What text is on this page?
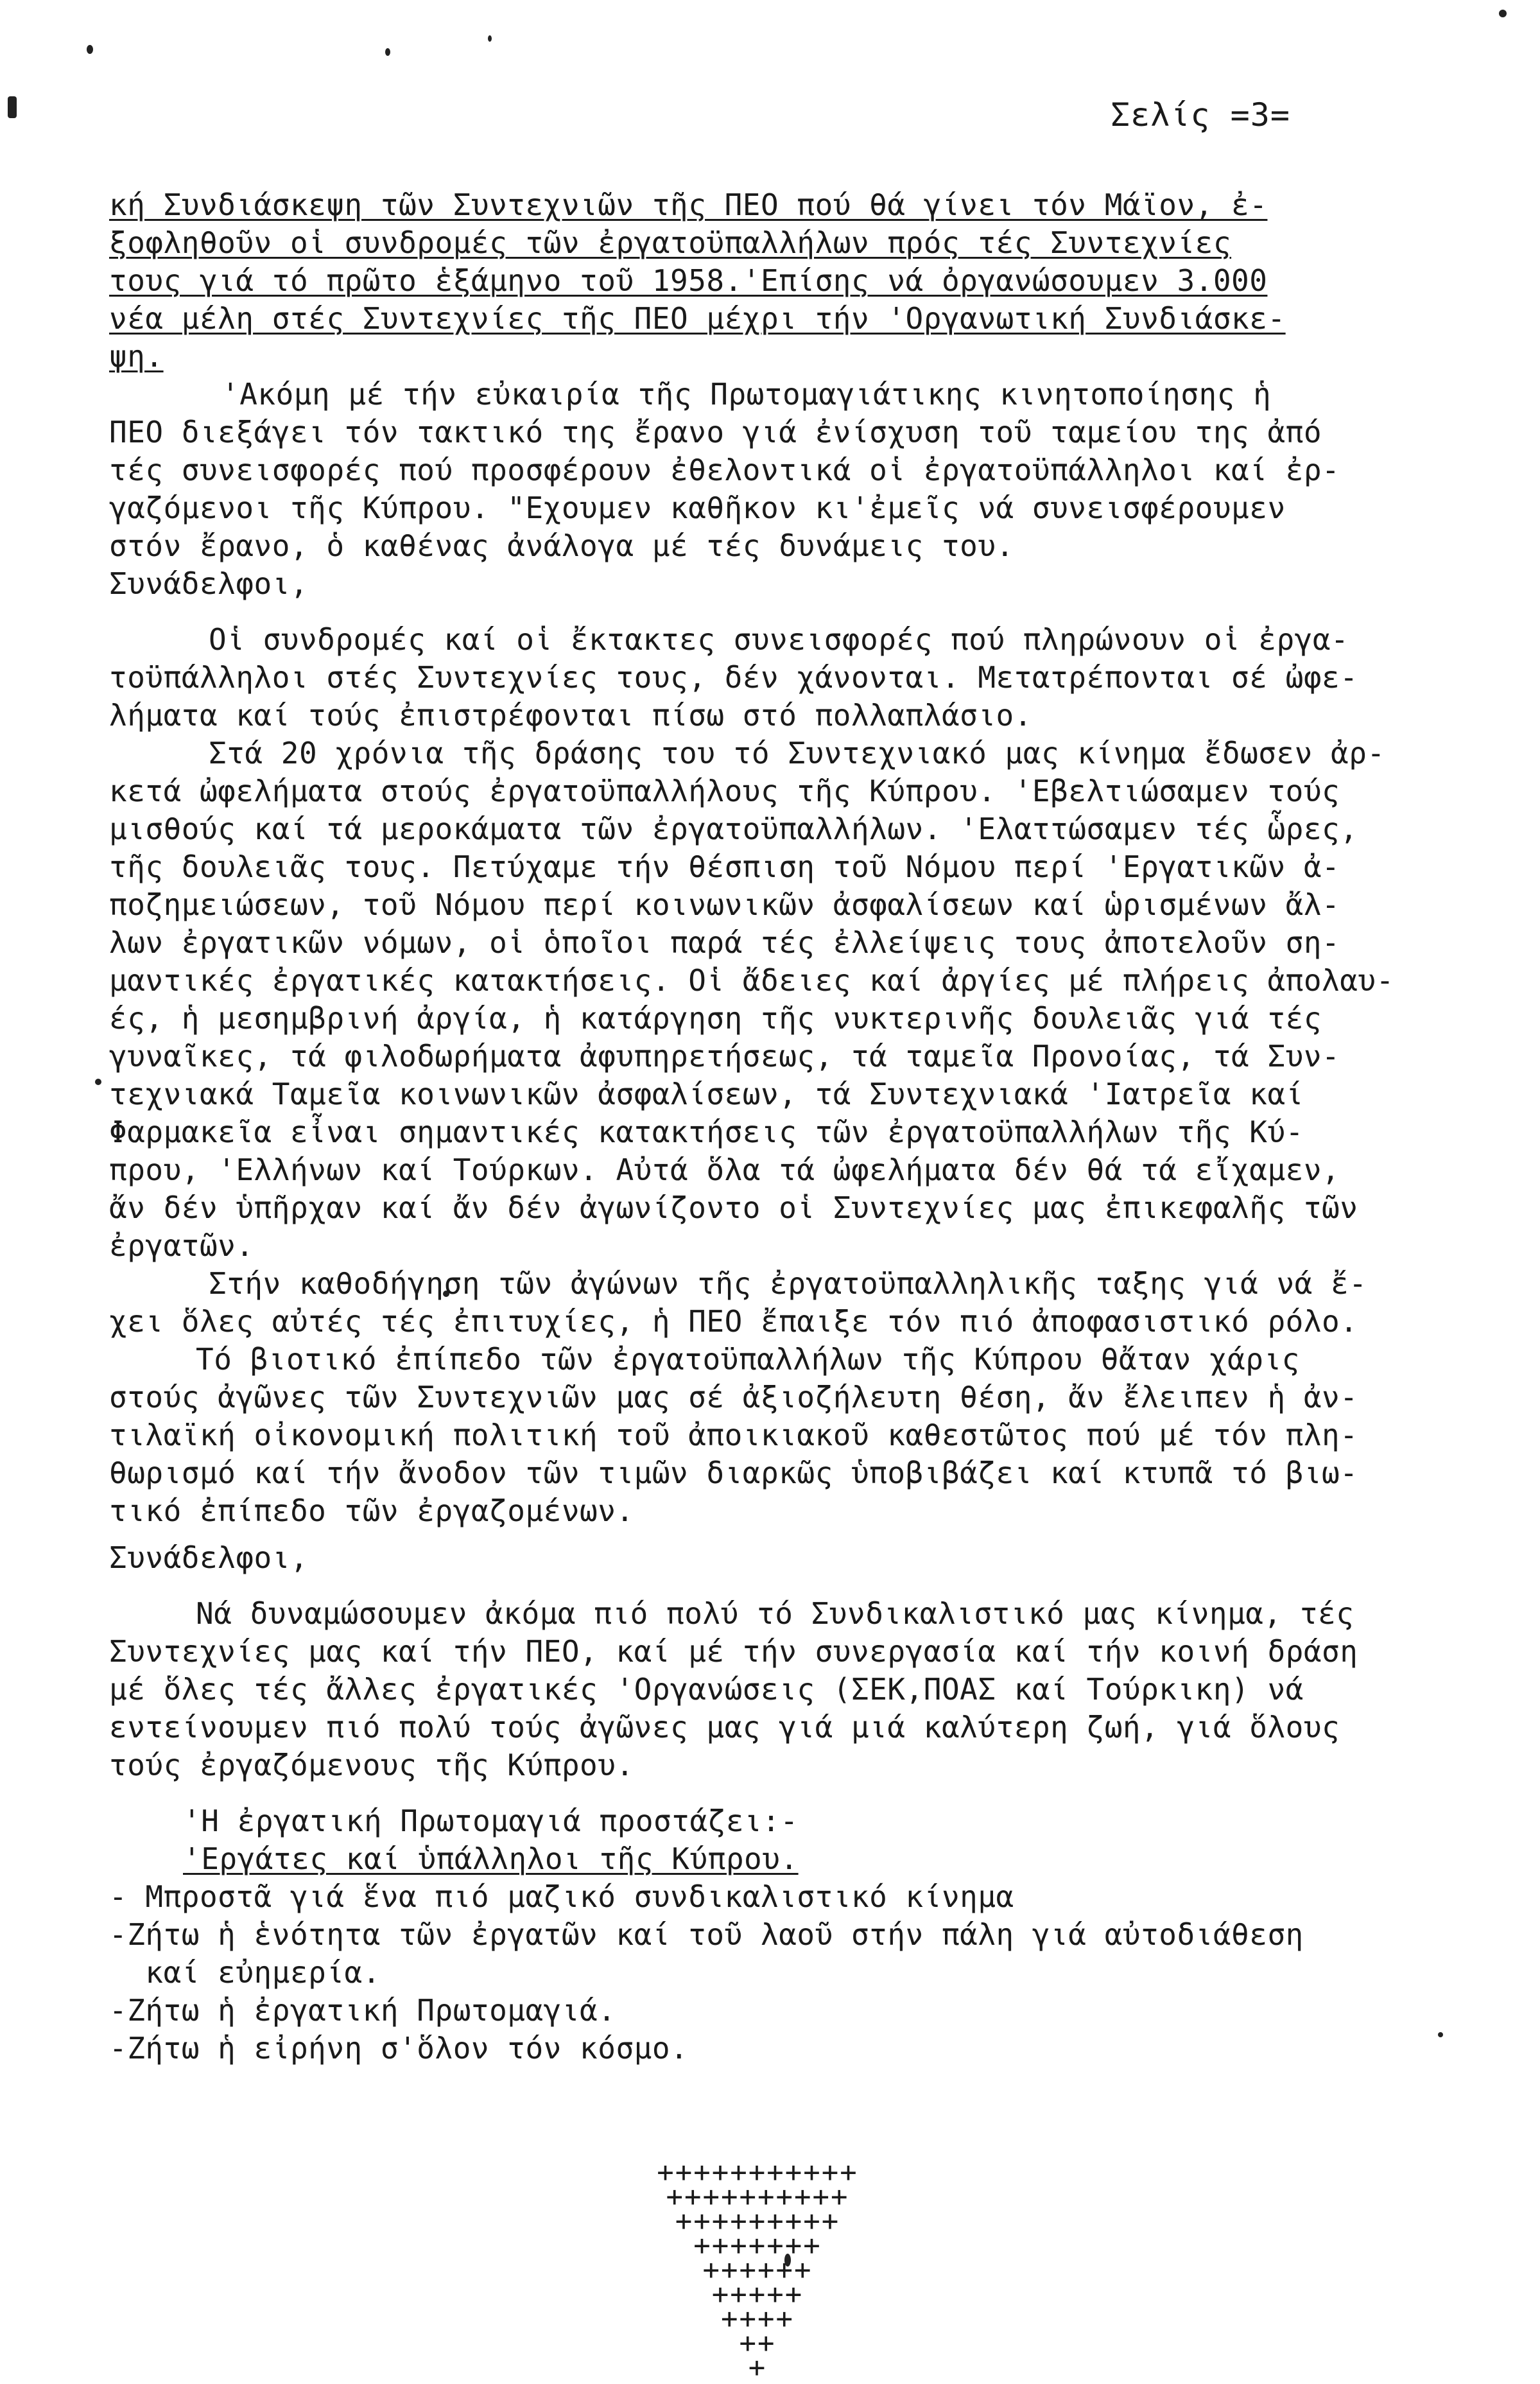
Σελίς =3=
κή Συνδιάσκεψη τῶν Συντεχνιῶν τῆς ΠΕΟ πού θά γίνει τόν Μάϊον, ἐ-
ξοφληθοῦν οἱ συνδρομές τῶν ἐργατοϋπαλλήλων πρός τές Συντεχνίες
τους γιά τό πρῶτο ἑξάμηνο τοῦ 1958.'Επίσης νά ὀργανώσουμεν 3.000
νέα μέλη στές Συντεχνίες τῆς ΠΕΟ μέχρι τήν 'Οργανωτική Συνδιάσκε-
ψη.
'Ακόμη μέ τήν εὐκαιρία τῆς Πρωτομαγιάτικης κινητοποίησης ἡ
ΠΕΟ διεξάγει τόν τακτικό της ἔρανο γιά ἐνίσχυση τοῦ ταμείου της ἀπό
τές συνεισφορές πού προσφέρουν ἐθελοντικά οἱ ἐργατοϋπάλληλοι καί ἐρ-
γαζόμενοι τῆς Κύπρου. "Εχουμεν καθῆκον κι'ἐμεῖς νά συνεισφέρουμεν
στόν ἔρανο, ὁ καθένας ἀνάλογα μέ τές δυνάμεις του.
Συνάδελφοι,
Οἱ συνδρομές καί οἱ ἔκτακτες συνεισφορές πού πληρώνουν οἱ ἐργα-
τοϋπάλληλοι στές Συντεχνίες τους, δέν χάνονται. Μετατρέπονται σέ ὠφε-
λήματα καί τούς ἐπιστρέφονται πίσω στό πολλαπλάσιο.
Στά 20 χρόνια τῆς δράσης του τό Συντεχνιακό μας κίνημα ἔδωσεν ἀρ-
κετά ὠφελήματα στούς ἐργατοϋπαλλήλους τῆς Κύπρου. 'Εβελτιώσαμεν τούς
μισθούς καί τά μεροκάματα τῶν ἐργατοϋπαλλήλων. 'Ελαττώσαμεν τές ὧρες,
τῆς δουλειᾶς τους. Πετύχαμε τήν θέσπιση τοῦ Νόμου περί 'Εργατικῶν ἀ-
ποζημειώσεων, τοῦ Νόμου περί κοινωνικῶν ἀσφαλίσεων καί ὡρισμένων ἄλ-
λων ἐργατικῶν νόμων, οἱ ὁποῖοι παρά τές ἐλλείψεις τους ἀποτελοῦν ση-
μαντικές ἐργατικές κατακτήσεις. Οἱ ἄδειες καί ἀργίες μέ πλήρεις ἀπολαυ-
ές, ἡ μεσημβρινή ἀργία, ἡ κατάργηση τῆς νυκτερινῆς δουλειᾶς γιά τές
γυναῖκες, τά φιλοδωρήματα ἀφυπηρετήσεως, τά ταμεῖα Προνοίας, τά Συν-
τεχνιακά Ταμεῖα κοινωνικῶν ἀσφαλίσεων, τά Συντεχνιακά 'Ιατρεῖα καί
Φαρμακεῖα εἶναι σημαντικές κατακτήσεις τῶν ἐργατοϋπαλλήλων τῆς Κύ-
πρου, 'Ελλήνων καί Τούρκων. Αὐτά ὅλα τά ὠφελήματα δέν θά τά εἴχαμεν,
ἄν δέν ὑπῆρχαν καί ἄν δέν ἀγωνίζοντο οἱ Συντεχνίες μας ἐπικεφαλῆς τῶν
ἐργατῶν.
Στήν καθοδήγηση τῶν ἀγώνων τῆς ἐργατοϋπαλληλικῆς ταξης γιά νά ἔ-
χει ὅλες αὐτές τές ἐπιτυχίες, ἡ ΠΕΟ ἔπαιξε τόν πιό ἀποφασιστικό ρόλο.
Τό βιοτικό ἐπίπεδο τῶν ἐργατοϋπαλλήλων τῆς Κύπρου θἄταν χάρις
στούς ἀγῶνες τῶν Συντεχνιῶν μας σέ ἀξιοζήλευτη θέση, ἄν ἔλειπεν ἡ ἀν-
τιλαϊκή οἰκονομική πολιτική τοῦ ἀποικιακοῦ καθεστῶτος πού μέ τόν πλη-
θωρισμό καί τήν ἄνοδον τῶν τιμῶν διαρκῶς ὑποβιβάζει καί κτυπᾶ τό βιω-
τικό ἐπίπεδο τῶν ἐργαζομένων.
Συνάδελφοι,
Νά δυναμώσουμεν ἀκόμα πιό πολύ τό Συνδικαλιστικό μας κίνημα, τές
Συντεχνίες μας καί τήν ΠΕΟ, καί μέ τήν συνεργασία καί τήν κοινή δράση
μέ ὅλες τές ἄλλες ἐργατικές 'Οργανώσεις (ΣΕΚ,ΠΟΑΣ καί Τούρκικη) νά
εντείνουμεν πιό πολύ τούς ἀγῶνες μας γιά μιά καλύτερη ζωή, γιά ὅλους
τούς ἐργαζόμενους τῆς Κύπρου.
'Η ἐργατική Πρωτομαγιά προστάζει:-
'Εργάτες καί ὑπάλληλοι τῆς Κύπρου.
- Μπροστᾶ γιά ἕνα πιό μαζικό συνδικαλιστικό κίνημα
-Ζήτω ἡ ἑνότητα τῶν ἐργατῶν καί τοῦ λαοῦ στήν πάλη γιά αὐτοδιάθεση
καί εὐημερία.
-Ζήτω ἡ ἐργατική Πρωτομαγιά.
-Ζήτω ἡ εἰρήνη σ'ὅλον τόν κόσμο.
+++++++++++
++++++++++
+++++++++
+++++++
++++++
+++++
++++
++
+
